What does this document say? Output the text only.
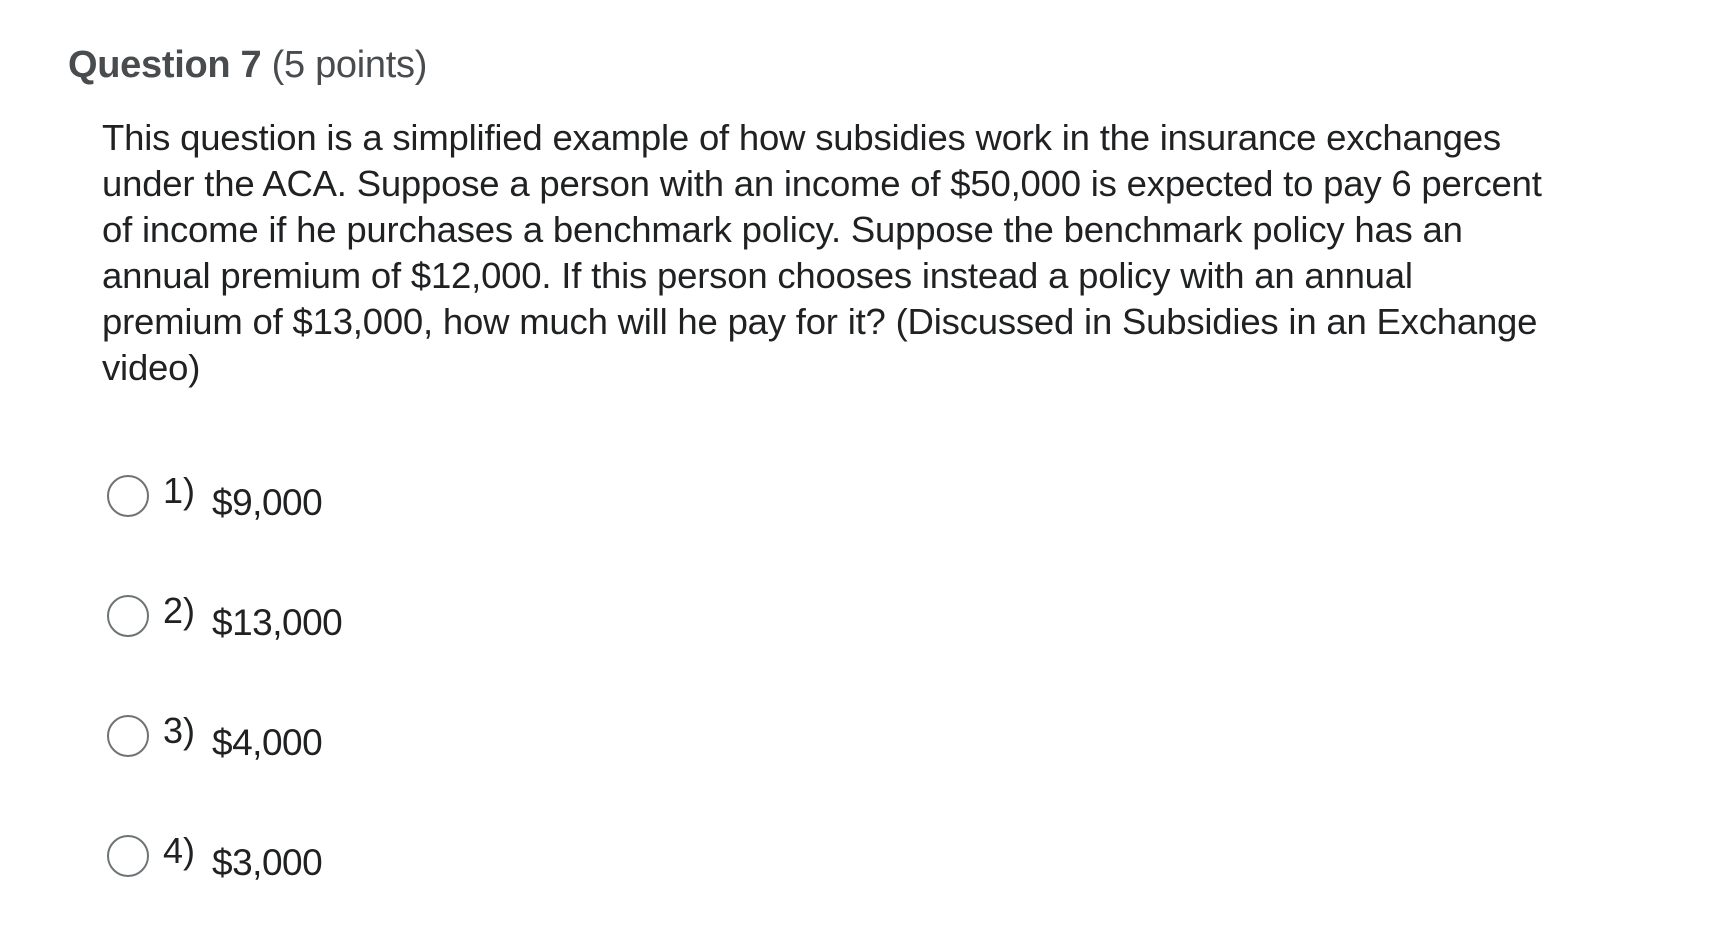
Question 7 (5 points)

This question is a simplified example of how subsidies work in the insurance exchanges under the ACA. Suppose a person with an income of $50,000 is expected to pay 6 percent of income if he purchases a benchmark policy. Suppose the benchmark policy has an annual premium of $12,000. If this person chooses instead a policy with an annual premium of $13,000, how much will he pay for it? (Discussed in Subsidies in an Exchange video)

1) $9,000
2) $13,000
3) $4,000
4) $3,000
